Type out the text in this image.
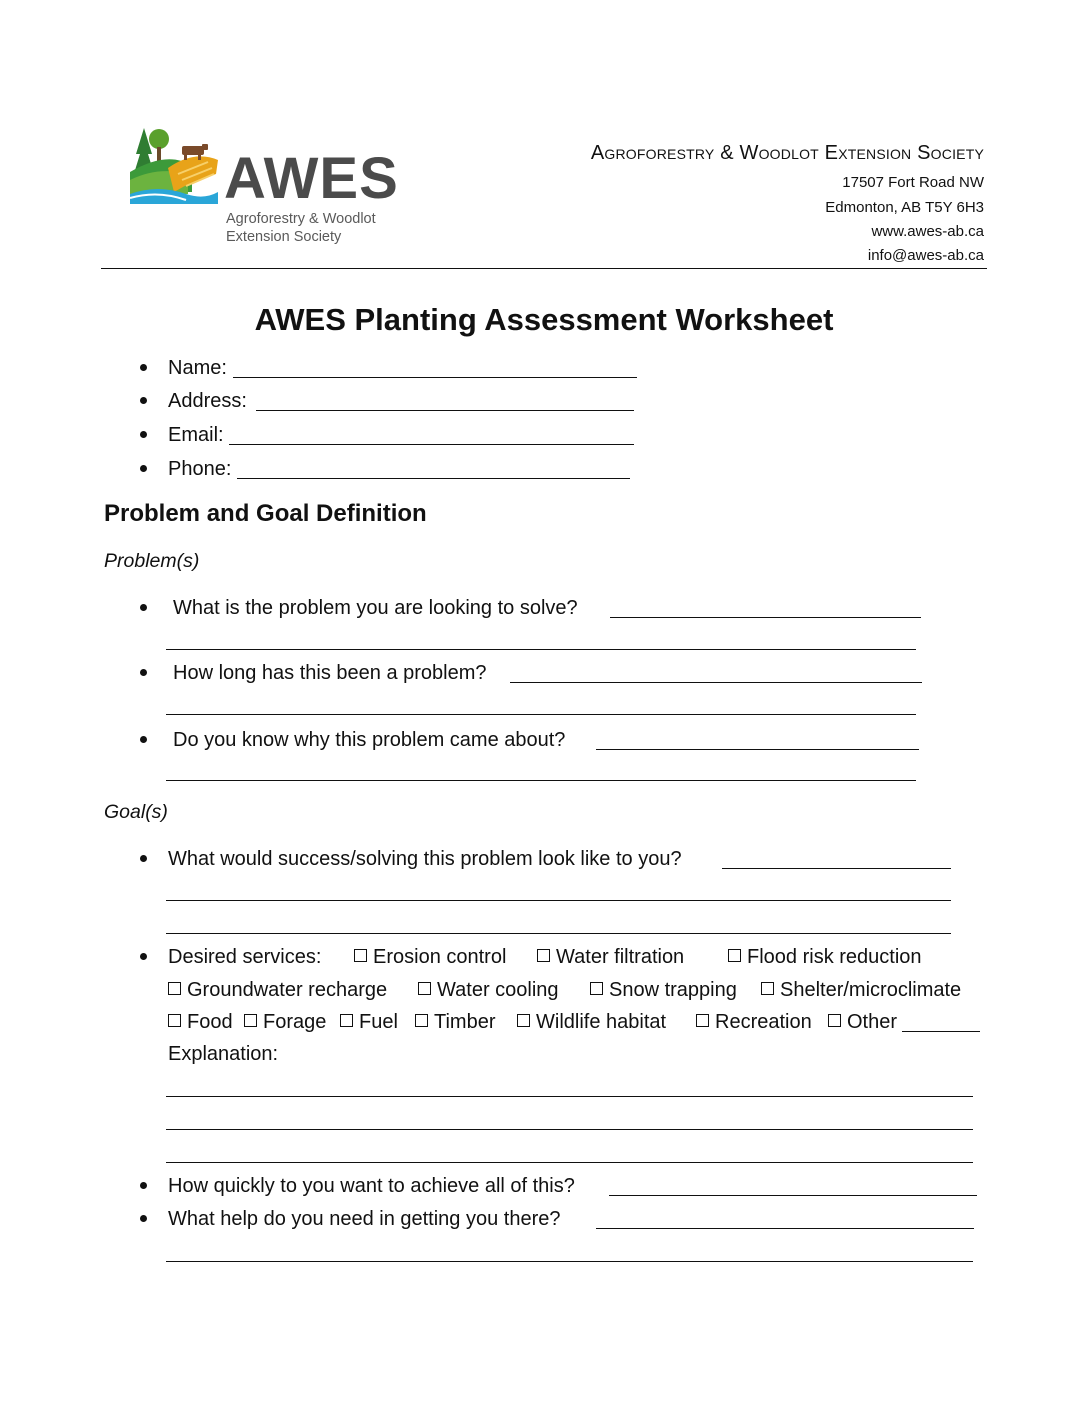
AWES
Agroforestry & Woodlot
Extension Society
Agroforestry & Woodlot Extension Society
17507 Fort Road NW
Edmonton, AB T5Y 6H3
www.awes-ab.ca
info@awes-ab.ca
AWES Planting Assessment Worksheet
Name:
Address:
Email:
Phone:
Problem and Goal Definition
Problem(s)
What is the problem you are looking to solve?
How long has this been a problem?
Do you know why this problem came about?
Goal(s)
What would success/solving this problem look like to you?
Desired services:	Erosion control	Water filtration	Flood risk reduction
Groundwater recharge	Water cooling	Snow trapping	Shelter/microclimate
Food	Forage	Fuel	Timber	Wildlife habitat	Recreation	Other
Explanation:
How quickly to you want to achieve all of this?
What help do you need in getting you there?
